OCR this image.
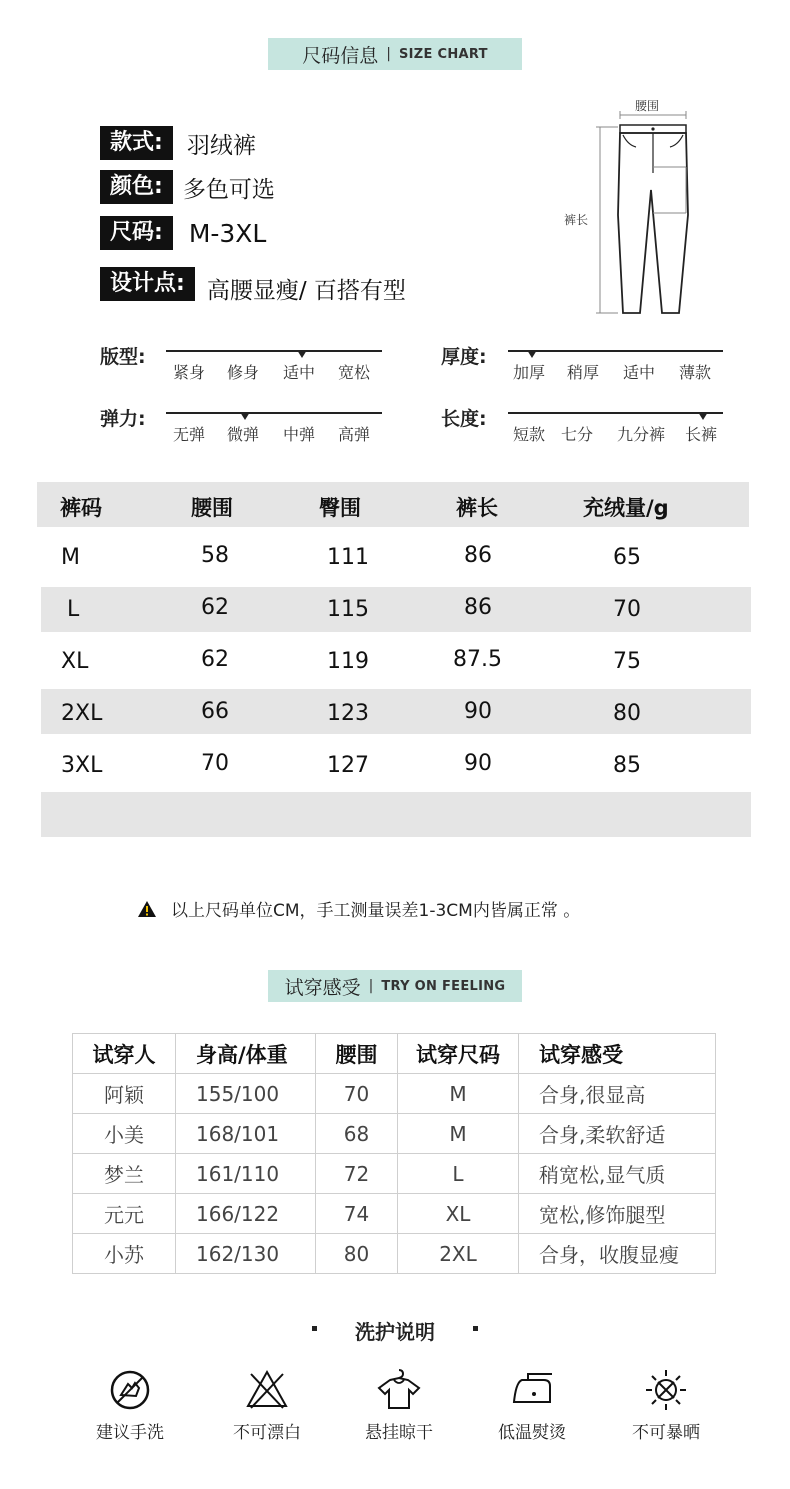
尺码信息 | SIZE CHART
款式:	羽绒裤
颜色: 多色可选
尺码:	M-3XL
设计点: 高腰显瘦/ 百搭有型
腰围
裤长
版型:
紧身 修身 适中 宽松
厚度:
加厚 稍厚 适中 薄款
弹力:
无弹 微弹 中弹 高弹
长度:
短款 七分 九分裤 长裤
裤码	腰围	臀围	裤长	充绒量/g
M	58	111	86	65
L	62	115	86	70
XL	62	119	87.5	75
2XL	66	123	90	80
3XL	70	127	90	85
以上尺码单位CM，手工测量误差1-3CM内皆属正常 。
试穿感受 | TRY ON FEELING
试穿人	身高/体重	腰围	试穿尺码	试穿感受
阿颖	155/100	70	M	合身,很显高
小美	168/101	68	M	合身,柔软舒适
梦兰	161/110	72	L	稍宽松,显气质
元元	166/122	74	XL	宽松,修饰腿型
小苏	162/130	80	2XL	合身，收腹显瘦
洗护说明
建议手洗	不可漂白	悬挂晾干	低温熨烫	不可暴晒
